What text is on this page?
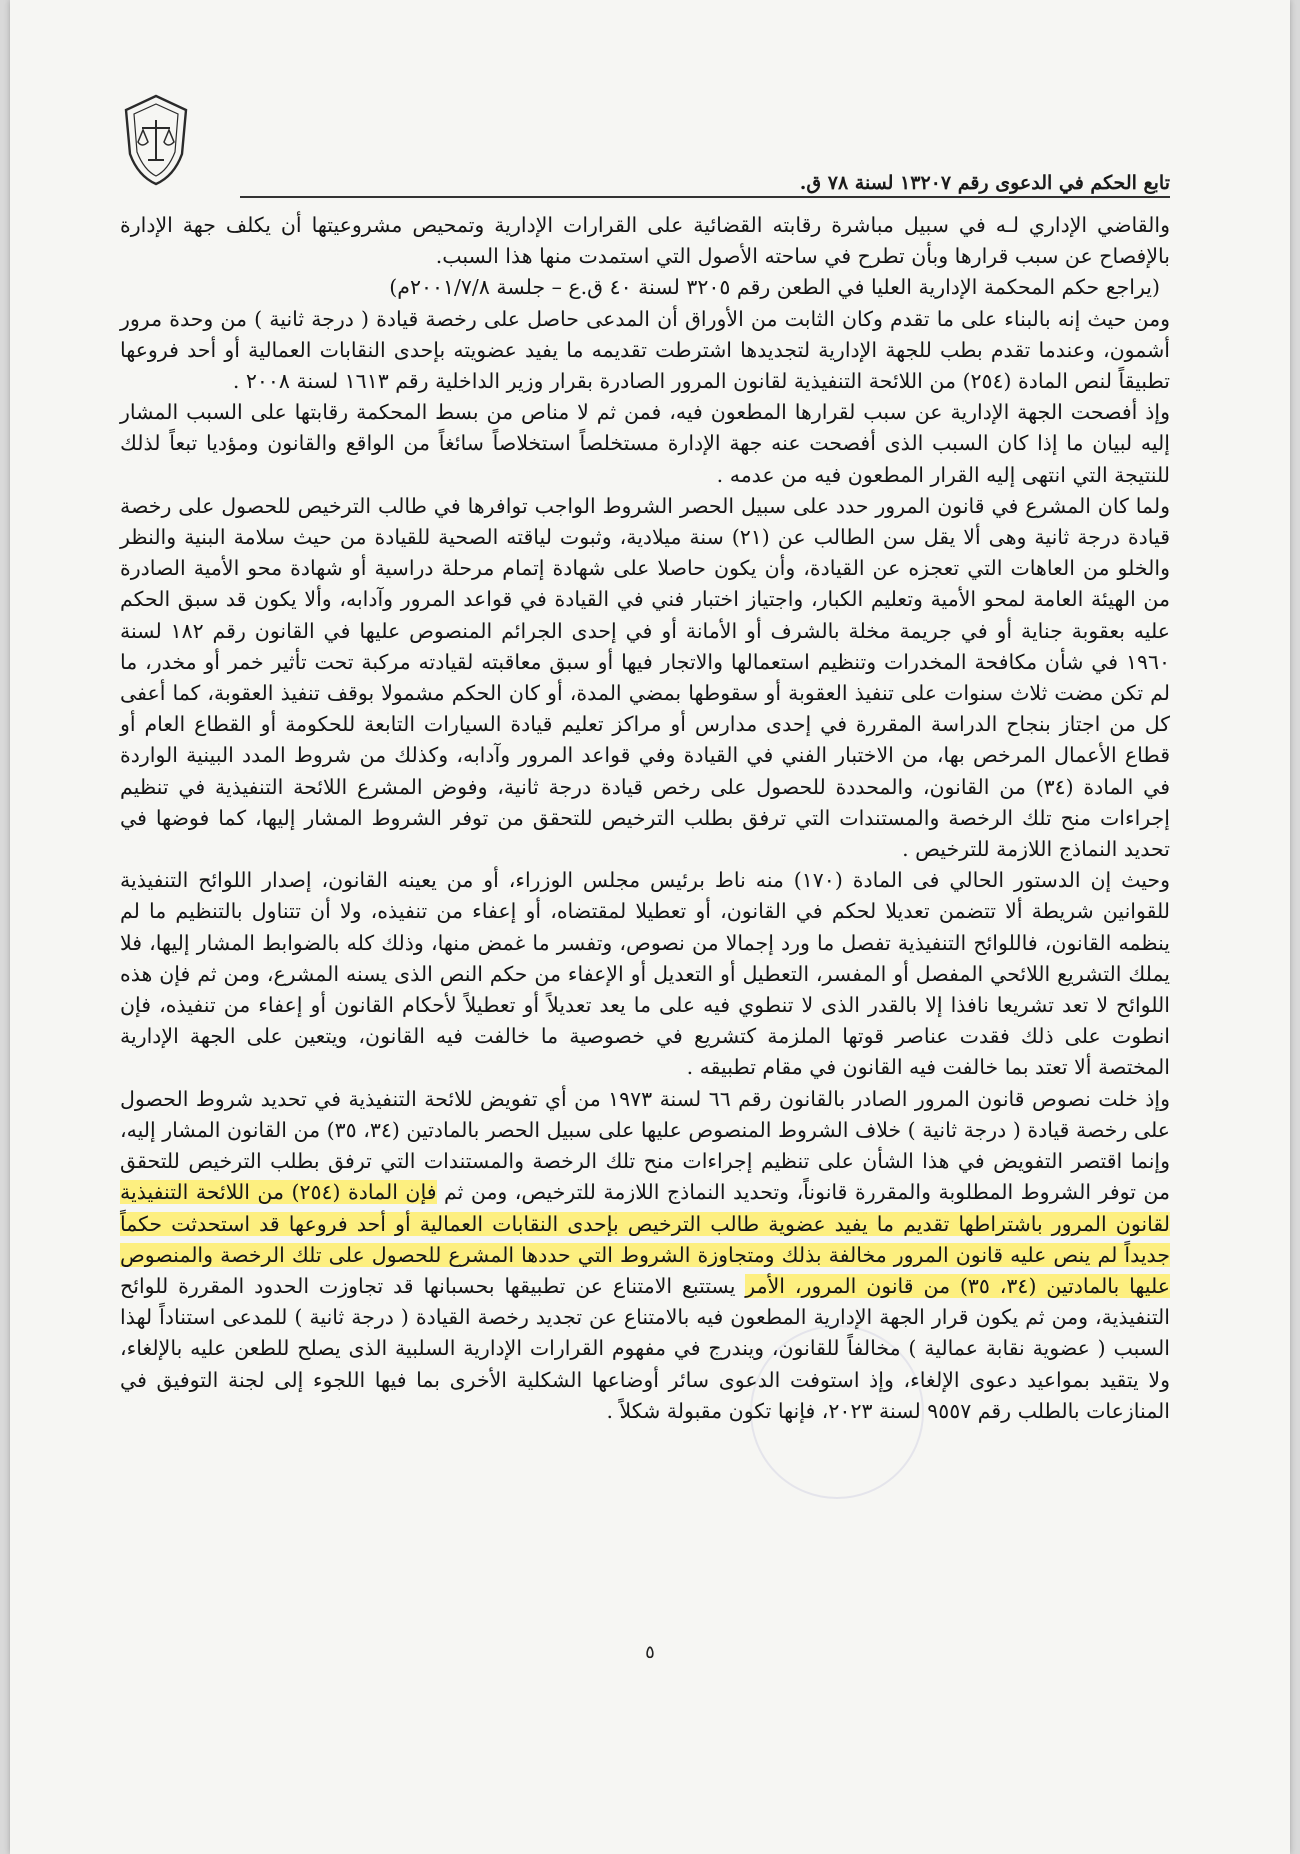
تابع الحكم في الدعوى رقم ١٣٢٠٧ لسنة ٧٨ ق.

والقاضي الإداري لـه في سبيل مباشرة رقابته القضائية على القرارات الإدارية وتمحيص مشروعيتها أن يكلف جهة الإدارة بالإفصاح عن سبب قرارها وبأن تطرح في ساحته الأصول التي استمدت منها هذا السبب.

(يراجع حكم المحكمة الإدارية العليا في الطعن رقم ٣٢٠٥ لسنة ٤٠ ق.ع – جلسة ٢٠٠١/٧/٨م)

ومن حيث إنه بالبناء على ما تقدم وكان الثابت من الأوراق أن المدعى حاصل على رخصة قيادة ( درجة ثانية ) من وحدة مرور أشمون، وعندما تقدم بطب للجهة الإدارية لتجديدها اشترطت تقديمه ما يفيد عضويته بإحدى النقابات العمالية أو أحد فروعها تطبيقاً لنص المادة (٢٥٤) من اللائحة التنفيذية لقانون المرور الصادرة بقرار وزير الداخلية رقم ١٦١٣ لسنة ٢٠٠٨ .

وإذ أفصحت الجهة الإدارية عن سبب لقرارها المطعون فيه، فمن ثم لا مناص من بسط المحكمة رقابتها على السبب المشار إليه لبيان ما إذا كان السبب الذى أفصحت عنه جهة الإدارة مستخلصاً استخلاصاً سائغاً من الواقع والقانون ومؤديا تبعاً لذلك للنتيجة التي انتهى إليه القرار المطعون فيه من عدمه .

ولما كان المشرع في قانون المرور حدد على سبيل الحصر الشروط الواجب توافرها في طالب الترخيص للحصول على رخصة قيادة درجة ثانية وهى ألا يقل سن الطالب عن (٢١) سنة ميلادية، وثبوت لياقته الصحية للقيادة من حيث سلامة البنية والنظر والخلو من العاهات التي تعجزه عن القيادة، وأن يكون حاصلا على شهادة إتمام مرحلة دراسية أو شهادة محو الأمية الصادرة من الهيئة العامة لمحو الأمية وتعليم الكبار، واجتياز اختبار فني في القيادة في قواعد المرور وآدابه، وألا يكون قد سبق الحكم عليه بعقوبة جناية أو في جريمة مخلة بالشرف أو الأمانة أو في إحدى الجرائم المنصوص عليها في القانون رقم ١٨٢ لسنة ١٩٦٠ في شأن مكافحة المخدرات وتنظيم استعمالها والاتجار فيها أو سبق معاقبته لقيادته مركبة تحت تأثير خمر أو مخدر، ما لم تكن مضت ثلاث سنوات على تنفيذ العقوبة أو سقوطها بمضي المدة، أو كان الحكم مشمولا بوقف تنفيذ العقوبة، كما أعفى كل من اجتاز بنجاح الدراسة المقررة في إحدى مدارس أو مراكز تعليم قيادة السيارات التابعة للحكومة أو القطاع العام أو قطاع الأعمال المرخص بها، من الاختبار الفني في القيادة وفي قواعد المرور وآدابه، وكذلك من شروط المدد البينية الواردة في المادة (٣٤) من القانون، والمحددة للحصول على رخص قيادة درجة ثانية، وفوض المشرع اللائحة التنفيذية في تنظيم إجراءات منح تلك الرخصة والمستندات التي ترفق بطلب الترخيص للتحقق من توفر الشروط المشار إليها، كما فوضها في تحديد النماذج اللازمة للترخيص .

وحيث إن الدستور الحالي فى المادة (١٧٠) منه ناط برئيس مجلس الوزراء، أو من يعينه القانون، إصدار اللوائح التنفيذية للقوانين شريطة ألا تتضمن تعديلا لحكم في القانون، أو تعطيلا لمقتضاه، أو إعفاء من تنفيذه، ولا أن تتناول بالتنظيم ما لم ينظمه القانون، فاللوائح التنفيذية تفصل ما ورد إجمالا من نصوص، وتفسر ما غمض منها، وذلك كله بالضوابط المشار إليها، فلا يملك التشريع اللائحي المفصل أو المفسر، التعطيل أو التعديل أو الإعفاء من حكم النص الذى يسنه المشرع، ومن ثم فإن هذه اللوائح لا تعد تشريعا نافذا إلا بالقدر الذى لا تنطوي فيه على ما يعد تعديلاً أو تعطيلاً لأحكام القانون أو إعفاء من تنفيذه، فإن انطوت على ذلك فقدت عناصر قوتها الملزمة كتشريع في خصوصية ما خالفت فيه القانون، ويتعين على الجهة الإدارية المختصة ألا تعتد بما خالفت فيه القانون في مقام تطبيقه .

وإذ خلت نصوص قانون المرور الصادر بالقانون رقم ٦٦ لسنة ١٩٧٣ من أي تفويض للائحة التنفيذية في تحديد شروط الحصول على رخصة قيادة ( درجة ثانية ) خلاف الشروط المنصوص عليها على سبيل الحصر بالمادتين (٣٤، ٣٥) من القانون المشار إليه، وإنما اقتصر التفويض في هذا الشأن على تنظيم إجراءات منح تلك الرخصة والمستندات التي ترفق بطلب الترخيص للتحقق من توفر الشروط المطلوبة والمقررة قانوناً، وتحديد النماذج اللازمة للترخيص، ومن ثم فإن المادة (٢٥٤) من اللائحة التنفيذية لقانون المرور باشتراطها تقديم ما يفيد عضوية طالب الترخيص بإحدى النقابات العمالية أو أحد فروعها قد استحدثت حكماً جديداً لم ينص عليه قانون المرور مخالفة بذلك ومتجاوزة الشروط التي حددها المشرع للحصول على تلك الرخصة والمنصوص عليها بالمادتين (٣٤، ٣٥) من قانون المرور، الأمر يستتبع الامتناع عن تطبيقها بحسبانها قد تجاوزت الحدود المقررة للوائح التنفيذية، ومن ثم يكون قرار الجهة الإدارية المطعون فيه بالامتناع عن تجديد رخصة القيادة ( درجة ثانية ) للمدعى استناداً لهذا السبب ( عضوية نقابة عمالية ) مخالفاً للقانون، ويندرج في مفهوم القرارات الإدارية السلبية الذى يصلح للطعن عليه بالإلغاء، ولا يتقيد بمواعيد دعوى الإلغاء، وإذ استوفت الدعوى سائر أوضاعها الشكلية الأخرى بما فيها اللجوء إلى لجنة التوفيق في المنازعات بالطلب رقم ٩٥٥٧ لسنة ٢٠٢٣، فإنها تكون مقبولة شكلاً .

٥
